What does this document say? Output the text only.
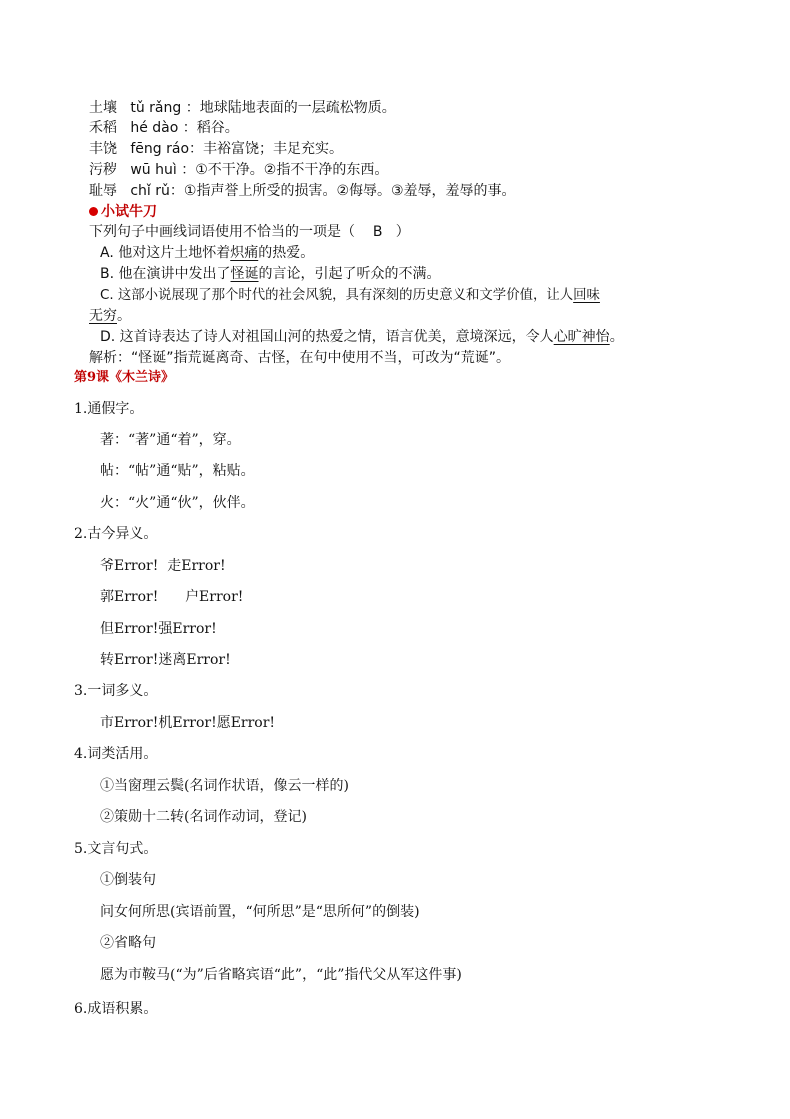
土壤 tǔ rǎng ：地球陆地表面的一层疏松物质。
禾稻 hé dào ：稻谷。
丰饶 fēng ráo：丰裕富饶；丰足充实。
污秽 wū huì ：①不干净。②指不干净的东西。
耻辱 chǐ rǔ：①指声誉上所受的损害。②侮辱。③羞辱，羞辱的事。
小试牛刀
下列句子中画线词语使用不恰当的一项是（    B   ）
A. 他对这片土地怀着炽痛的热爱。
B. 他在演讲中发出了怪诞的言论，引起了听众的不满。
C. 这部小说展现了那个时代的社会风貌，具有深刻的历史意义和文学价值，让人回味
无穷。
D. 这首诗表达了诗人对祖国山河的热爱之情，语言优美，意境深远，令人心旷神怡。
解析：“怪诞”指荒诞离奇、古怪，在句中使用不当，可改为“荒诞”。
第9课《木兰诗》
1.通假字。
著：“著”通“着”，穿。
帖：“帖”通“贴”，粘贴。
火：“火”通“伙”，伙伴。
2.古今异义。
爷Error! 走Error!
郭Error! 户Error!
但Error!强Error!
转Error!迷离Error!
3.一词多义。
市Error!机Error!愿Error!
4.词类活用。
①当窗理云鬓(名词作状语，像云一样的)
②策勋十二转(名词作动词，登记)
5.文言句式。
①倒装句
问女何所思(宾语前置，“何所思”是“思所何”的倒装)
②省略句
愿为市鞍马(“为”后省略宾语“此”，“此”指代父从军这件事)
6.成语积累。
